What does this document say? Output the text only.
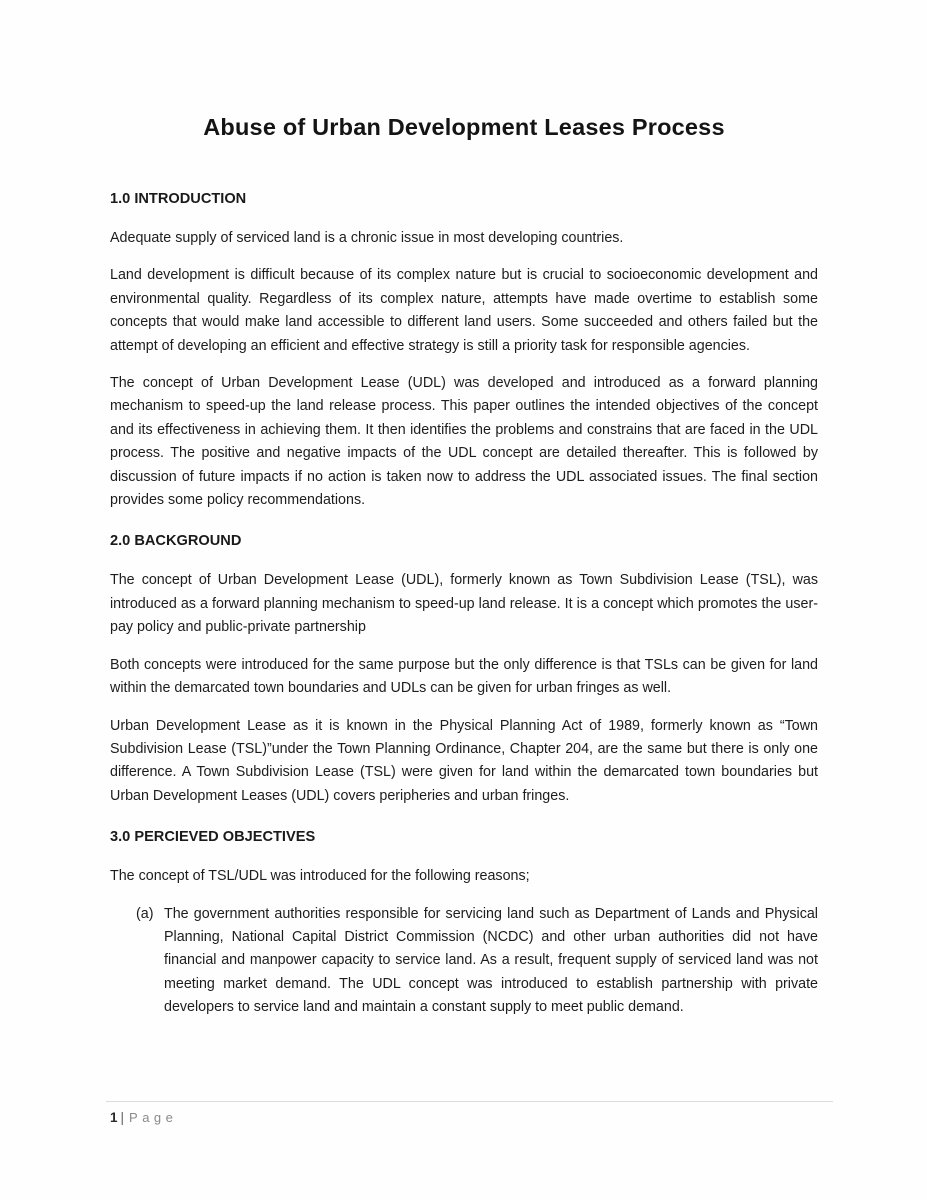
Abuse of Urban Development Leases Process
1.0 INTRODUCTION

Adequate supply of serviced land is a chronic issue in most developing countries.

Land development is difficult because of its complex nature but is crucial to socioeconomic development and environmental quality. Regardless of its complex nature, attempts have made overtime to establish some concepts that would make land accessible to different land users. Some succeeded and others failed but the attempt of developing an efficient and effective strategy is still a priority task for responsible agencies.

The concept of Urban Development Lease (UDL) was developed and introduced as a forward planning mechanism to speed-up the land release process. This paper outlines the intended objectives of the concept and its effectiveness in achieving them. It then identifies the problems and constrains that are faced in the UDL process. The positive and negative impacts of the UDL concept are detailed thereafter. This is followed by discussion of future impacts if no action is taken now to address the UDL associated issues. The final section provides some policy recommendations.

2.0 BACKGROUND

The concept of Urban Development Lease (UDL), formerly known as Town Subdivision Lease (TSL), was introduced as a forward planning mechanism to speed-up land release. It is a concept which promotes the user-pay policy and public-private partnership

Both concepts were introduced for the same purpose but the only difference is that TSLs can be given for land within the demarcated town boundaries and UDLs can be given for urban fringes as well.

Urban Development Lease as it is known in the Physical Planning Act of 1989, formerly known as “Town Subdivision Lease (TSL)”under the Town Planning Ordinance, Chapter 204, are the same but there is only one difference. A Town Subdivision Lease (TSL) were given for land within the demarcated town boundaries but Urban Development Leases (UDL) covers peripheries and urban fringes.

3.0 PERCIEVED OBJECTIVES

The concept of TSL/UDL was introduced for the following reasons;

(a) The government authorities responsible for servicing land such as Department of Lands and Physical Planning, National Capital District Commission (NCDC) and other urban authorities did not have financial and manpower capacity to service land. As a result, frequent supply of serviced land was not meeting market demand. The UDL concept was introduced to establish partnership with private developers to service land and maintain a constant supply to meet public demand.

1 | Page
